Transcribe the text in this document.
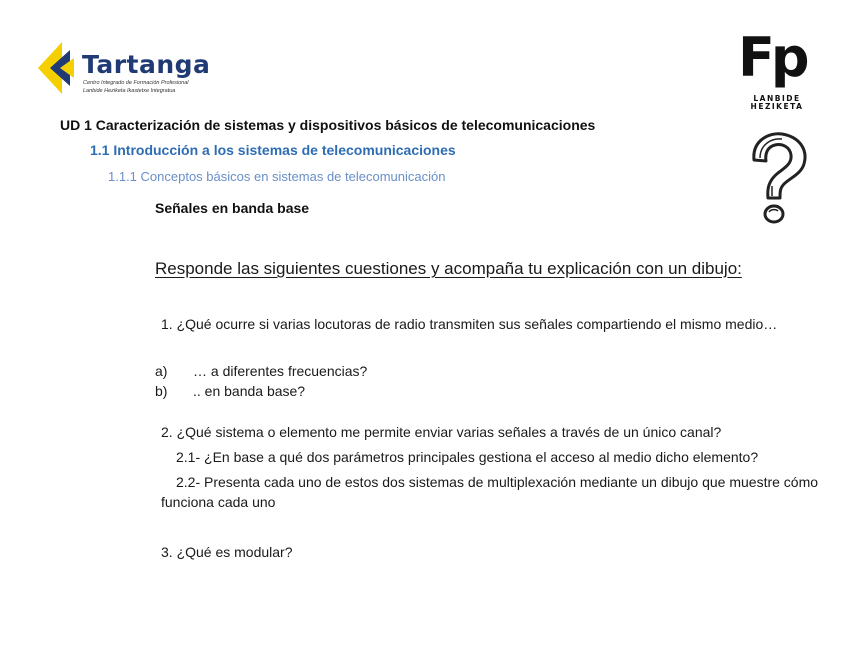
Tartanga
Centro Integrado de Formación Profesional
Lanbide Heziketa Ikastetxe Integratua
Fp
LANBIDE
HEZIKETA
UD 1 Caracterización de sistemas y dispositivos básicos de telecomunicaciones
1.1 Introducción a los sistemas de telecomunicaciones
1.1.1 Conceptos básicos en sistemas de telecomunicación
Señales en banda base
Responde las siguientes cuestiones y acompaña tu explicación con un dibujo:
1. ¿Qué ocurre si varias locutoras de radio transmiten sus señales compartiendo el mismo medio…
a) … a diferentes frecuencias?
b) .. en banda base?
2. ¿Qué sistema o elemento me permite enviar varias señales a través de un único canal?
2.1- ¿En base a qué dos parámetros principales gestiona el acceso al medio dicho elemento?
2.2- Presenta cada uno de estos dos sistemas de multiplexación mediante un dibujo que muestre cómo funciona cada uno
3. ¿Qué es modular?
